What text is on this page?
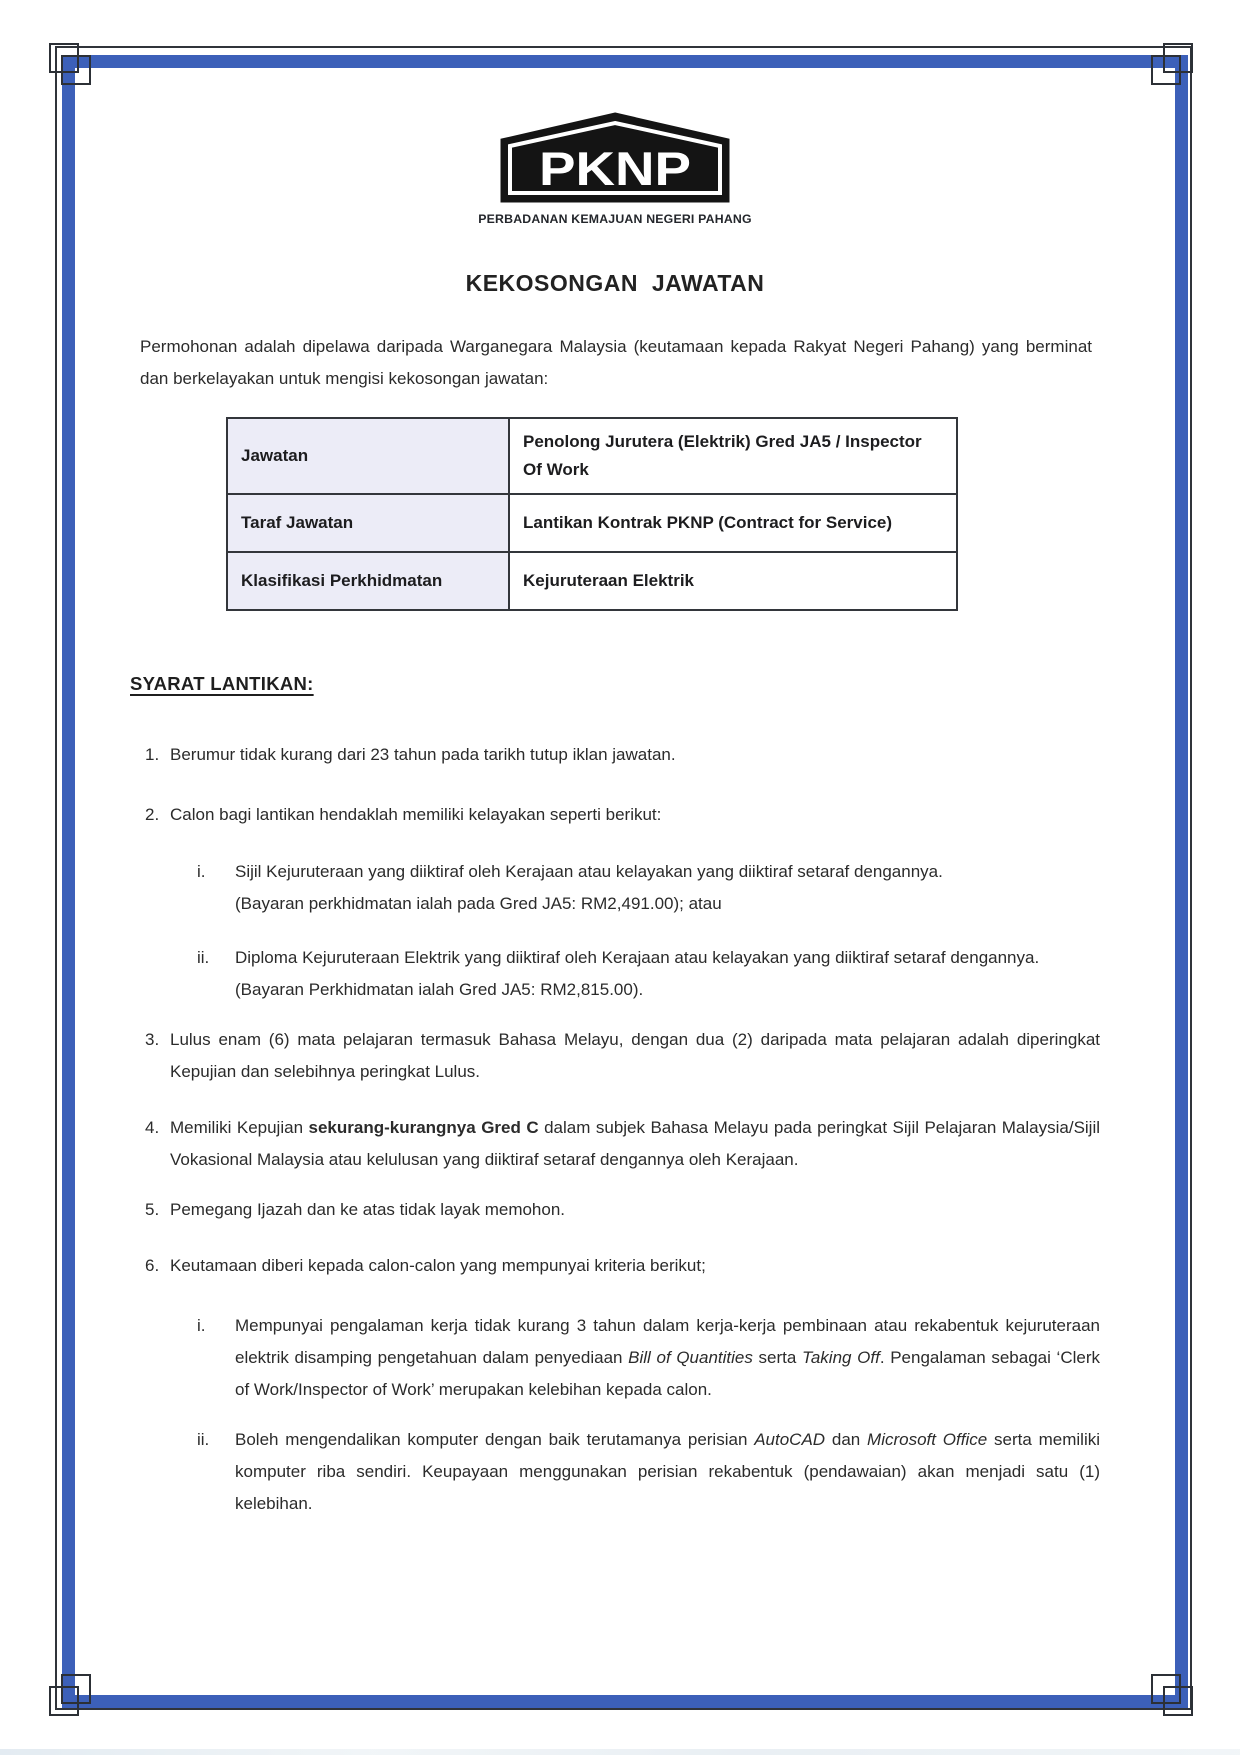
PKNP
PERBADANAN KEMAJUAN NEGERI PAHANG
KEKOSONGAN JAWATAN

Permohonan adalah dipelawa daripada Warganegara Malaysia (keutamaan kepada Rakyat Negeri Pahang) yang berminat dan berkelayakan untuk mengisi kekosongan jawatan:

Jawatan	Penolong Jurutera (Elektrik) Gred JA5 / Inspector Of Work
Taraf Jawatan	Lantikan Kontrak PKNP (Contract for Service)
Klasifikasi Perkhidmatan	Kejuruteraan Elektrik
SYARAT LANTIKAN:
1. Berumur tidak kurang dari 23 tahun pada tarikh tutup iklan jawatan.
2. Calon bagi lantikan hendaklah memiliki kelayakan seperti berikut:
i.	Sijil Kejuruteraan yang diiktiraf oleh Kerajaan atau kelayakan yang diiktiraf setaraf dengannya.
(Bayaran perkhidmatan ialah pada Gred JA5: RM2,491.00); atau
ii.	Diploma Kejuruteraan Elektrik yang diiktiraf oleh Kerajaan atau kelayakan yang diiktiraf setaraf dengannya.
(Bayaran Perkhidmatan ialah Gred JA5: RM2,815.00).
3. Lulus enam (6) mata pelajaran termasuk Bahasa Melayu, dengan dua (2) daripada mata pelajaran adalah diperingkat Kepujian dan selebihnya peringkat Lulus.
4. Memiliki Kepujian sekurang-kurangnya Gred C dalam subjek Bahasa Melayu pada peringkat Sijil Pelajaran Malaysia/Sijil Vokasional Malaysia atau kelulusan yang diiktiraf setaraf dengannya oleh Kerajaan.
5. Pemegang Ijazah dan ke atas tidak layak memohon.
6. Keutamaan diberi kepada calon-calon yang mempunyai kriteria berikut;
i.	Mempunyai pengalaman kerja tidak kurang 3 tahun dalam kerja-kerja pembinaan atau rekabentuk kejuruteraan elektrik disamping pengetahuan dalam penyediaan Bill of Quantities serta Taking Off. Pengalaman sebagai ‘Clerk of Work/Inspector of Work’ merupakan kelebihan kepada calon.
ii.	Boleh mengendalikan komputer dengan baik terutamanya perisian AutoCAD dan Microsoft Office serta memiliki komputer riba sendiri. Keupayaan menggunakan perisian rekabentuk (pendawaian) akan menjadi satu (1) kelebihan.
